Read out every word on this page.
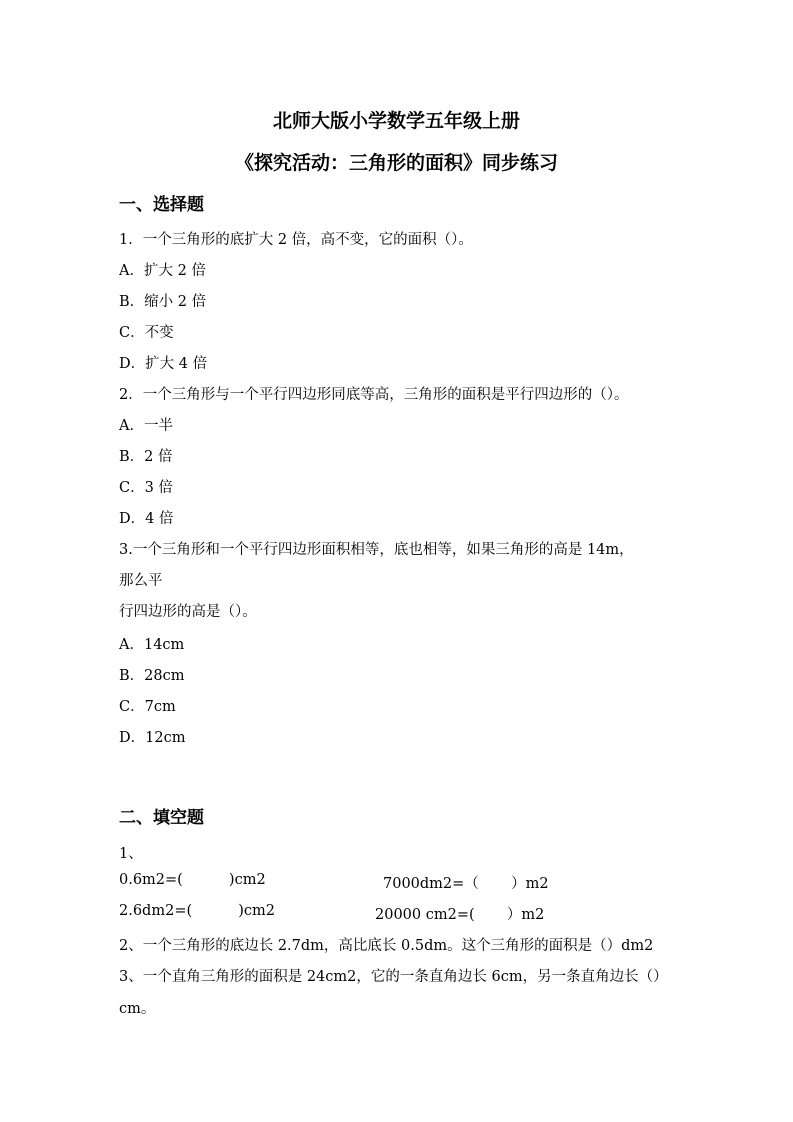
北师大版小学数学五年级上册
《探究活动：三角形的面积》同步练习
一、选择题
1．一个三角形的底扩大 2 倍，高不变，它的面积（）。
A．扩大 2 倍
B．缩小 2 倍
C．不变
D．扩大 4 倍
2．一个三角形与一个平行四边形同底等高，三角形的面积是平行四边形的（）。
A．一半
B．2 倍
C．3 倍
D．4 倍
3.一个三角形和一个平行四边形面积相等，底也相等，如果三角形的高是 14m，
那么平
行四边形的高是（）。
A．14cm
B．28cm
C．7cm
D．12cm
二、填空题
1、
0.6m2=(          )cm2	7000dm2=（       ）m2
2.6dm2=(          )cm2	20000 cm2=(       ）m2
2、一个三角形的底边长 2.7dm，高比底长 0.5dm。这个三角形的面积是（）dm2
3、一个直角三角形的面积是 24cm2，它的一条直角边长 6cm，另一条直角边长（）
cm。
